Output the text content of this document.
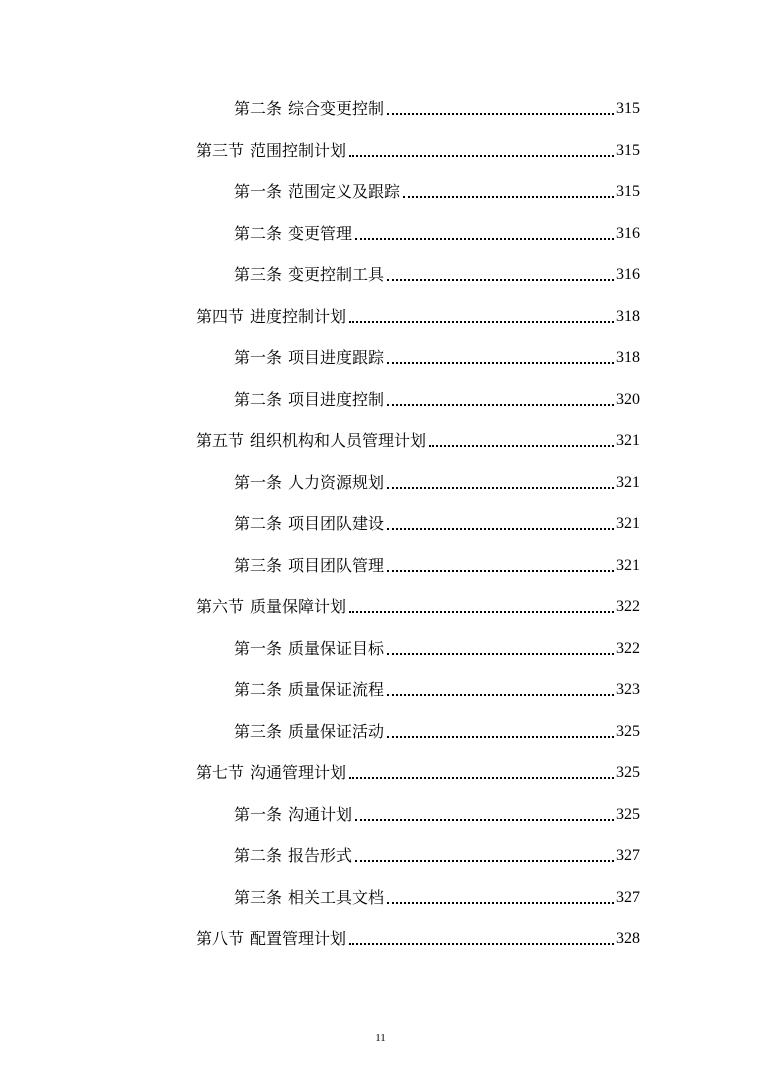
第二条 综合变更控制	315
第三节 范围控制计划	315
第一条 范围定义及跟踪	315
第二条 变更管理	316
第三条 变更控制工具	316
第四节 进度控制计划	318
第一条 项目进度跟踪	318
第二条 项目进度控制	320
第五节 组织机构和人员管理计划	321
第一条 人力资源规划	321
第二条 项目团队建设	321
第三条 项目团队管理	321
第六节 质量保障计划	322
第一条 质量保证目标	322
第二条 质量保证流程	323
第三条 质量保证活动	325
第七节 沟通管理计划	325
第一条 沟通计划	325
第二条 报告形式	327
第三条 相关工具文档	327
第八节 配置管理计划	328
11
